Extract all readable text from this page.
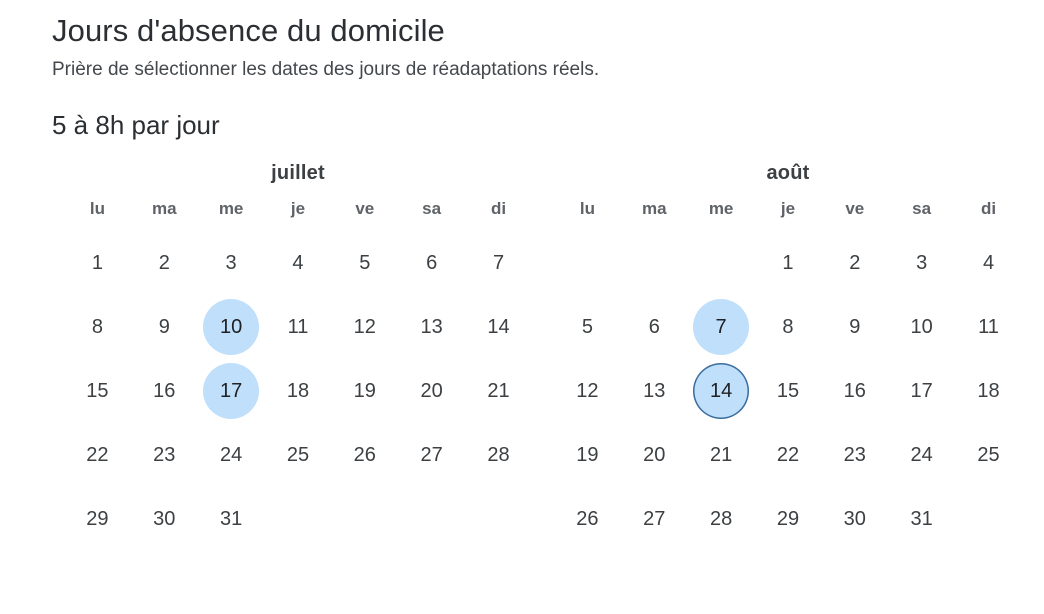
Jours d'absence du domicile

Prière de sélectionner les dates des jours de réadaptations réels.

5 à 8h par jour
juillet
lu	ma	me	je	ve	sa	di
1	2	3	4	5	6	7
8	9	10	11	12	13	14
15	16	17	18	19	20	21
22	23	24	25	26	27	28
29	30	31				
août
lu	ma	me	je	ve	sa	di
			1	2	3	4
5	6	7	8	9	10	11
12	13	14	15	16	17	18
19	20	21	22	23	24	25
26	27	28	29	30	31	
